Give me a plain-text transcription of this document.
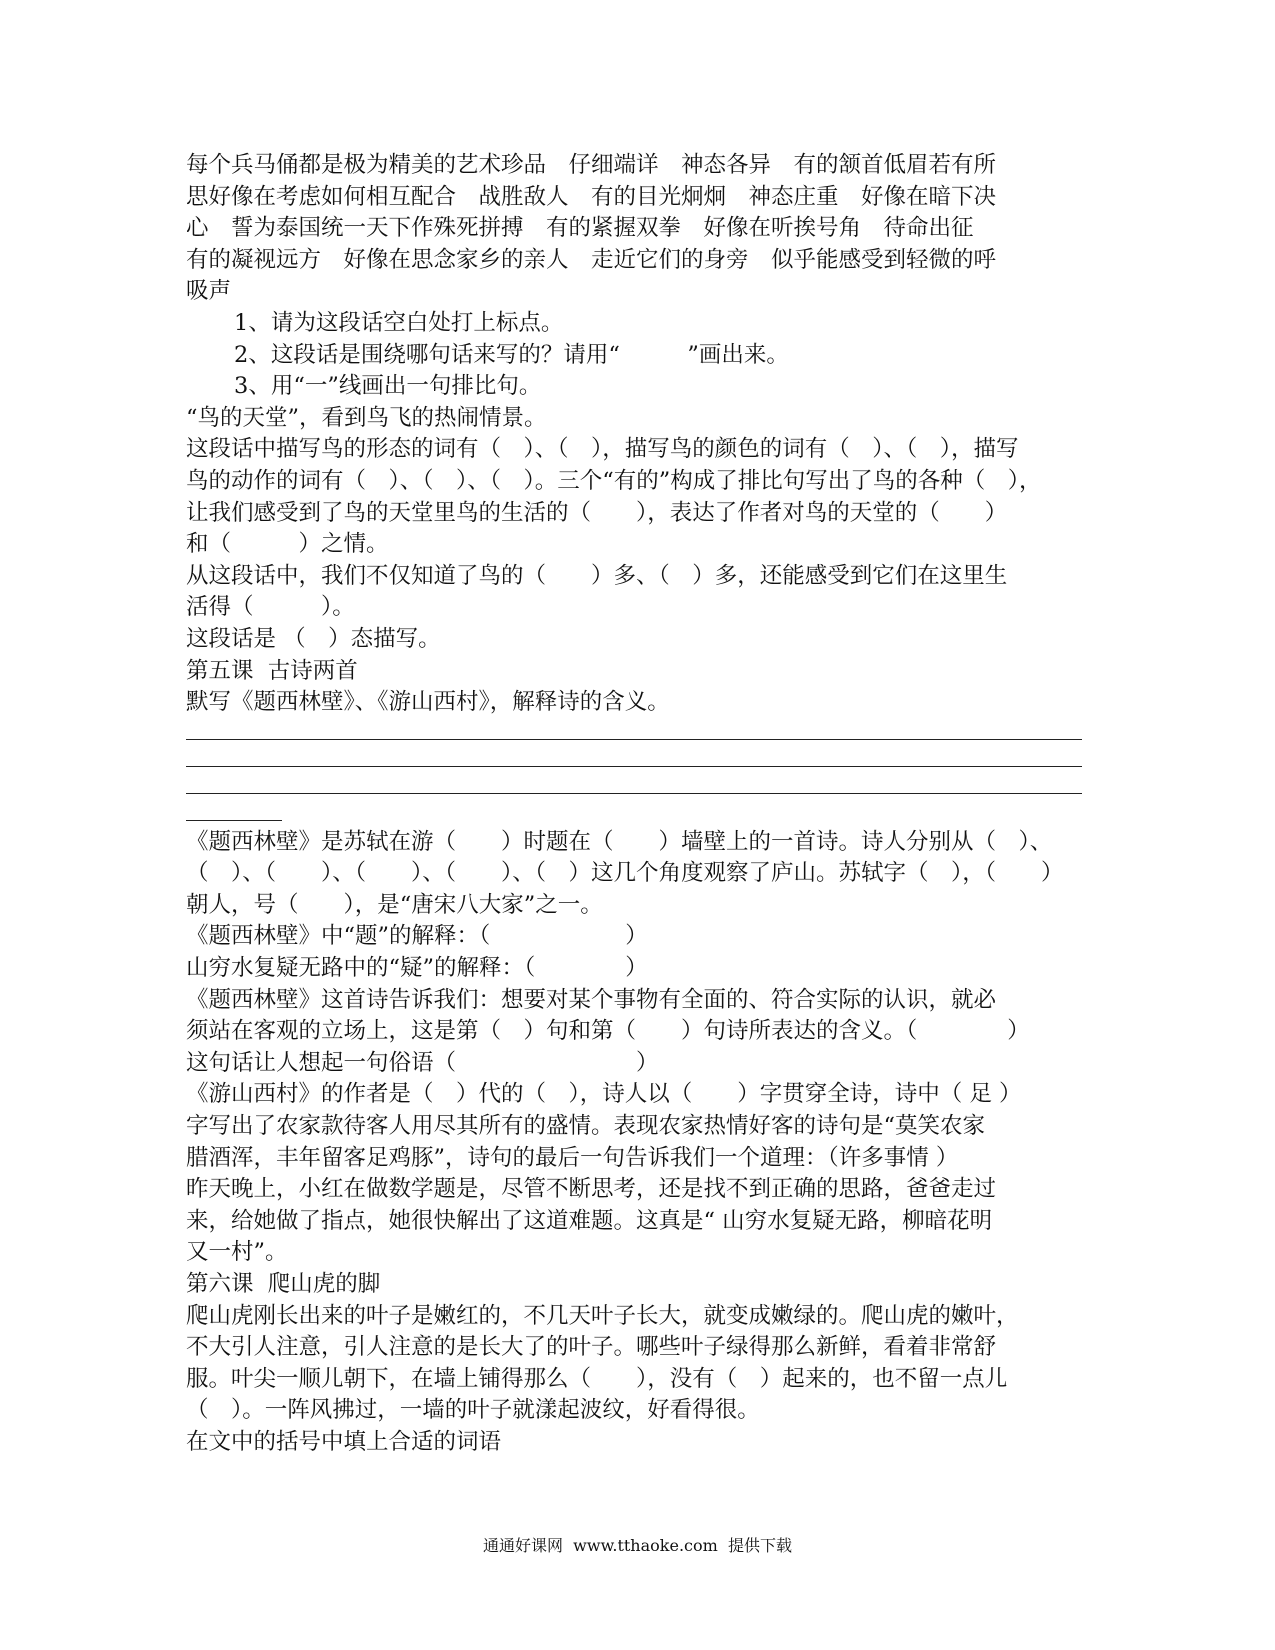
每个兵马俑都是极为精美的艺术珍品　仔细端详　神态各异　有的颔首低眉若有所
思好像在考虑如何相互配合　战胜敌人　有的目光炯炯　神态庄重　好像在暗下决
心　誓为泰国统一天下作殊死拼搏　有的紧握双拳　好像在听挨号角　待命出征
有的凝视远方　好像在思念家乡的亲人　走近它们的身旁　似乎能感受到轻微的呼
吸声
1、请为这段话空白处打上标点。
2、这段话是围绕哪句话来写的？请用“　　　”画出来。
3、用“一”线画出一句排比句。
“鸟的天堂”，看到鸟飞的热闹情景。
这段话中描写鸟的形态的词有（　）、（　），描写鸟的颜色的词有（　）、（　），描写
鸟的动作的词有（　）、（　）、（　）。三个“有的”构成了排比句写出了鸟的各种（　），
让我们感受到了鸟的天堂里鸟的生活的（　　），表达了作者对鸟的天堂的（　　）
和（　　　）之情。
从这段话中，我们不仅知道了鸟的（　　）多、（　）多，还能感受到它们在这里生
活得（　　　）。
这段话是 （　）态描写。
第五课  古诗两首
默写《题西林壁》、《游山西村》，解释诗的含义。
《题西林壁》是苏轼在游（　　）时题在（　　）墙壁上的一首诗。诗人分别从（　）、
（　）、（　　）、（　　）、（　　）、（　）这几个角度观察了庐山。苏轼字（　），（　　）
朝人，号（　　），是“唐宋八大家”之一。
《题西林壁》中“题”的解释：（　　　　　　）
山穷水复疑无路中的“疑”的解释：（　　　　）
《题西林壁》这首诗告诉我们：想要对某个事物有全面的、符合实际的认识，就必
须站在客观的立场上，这是第（　）句和第（　　）句诗所表达的含义。（　　　　）
这句话让人想起一句俗语（　　　　　　　　）
《游山西村》的作者是（　）代的（　），诗人以（　　）字贯穿全诗，诗中（ 足 ）
字写出了农家款待客人用尽其所有的盛情。表现农家热情好客的诗句是“莫笑农家
腊酒浑，丰年留客足鸡豚”，诗句的最后一句告诉我们一个道理：（许多事情 ）
昨天晚上，小红在做数学题是，尽管不断思考，还是找不到正确的思路，爸爸走过
来，给她做了指点，她很快解出了这道难题。这真是“ 山穷水复疑无路，柳暗花明
又一村”。
第六课  爬山虎的脚
爬山虎刚长出来的叶子是嫩红的，不几天叶子长大，就变成嫩绿的。爬山虎的嫩叶，
不大引人注意，引人注意的是长大了的叶子。哪些叶子绿得那么新鲜，看着非常舒
服。叶尖一顺儿朝下，在墙上铺得那么（　　），没有（　）起来的，也不留一点儿
（　）。一阵风拂过，一墙的叶子就漾起波纹，好看得很。
在文中的括号中填上合适的词语
通通好课网  www.tthaoke.com  提供下载
